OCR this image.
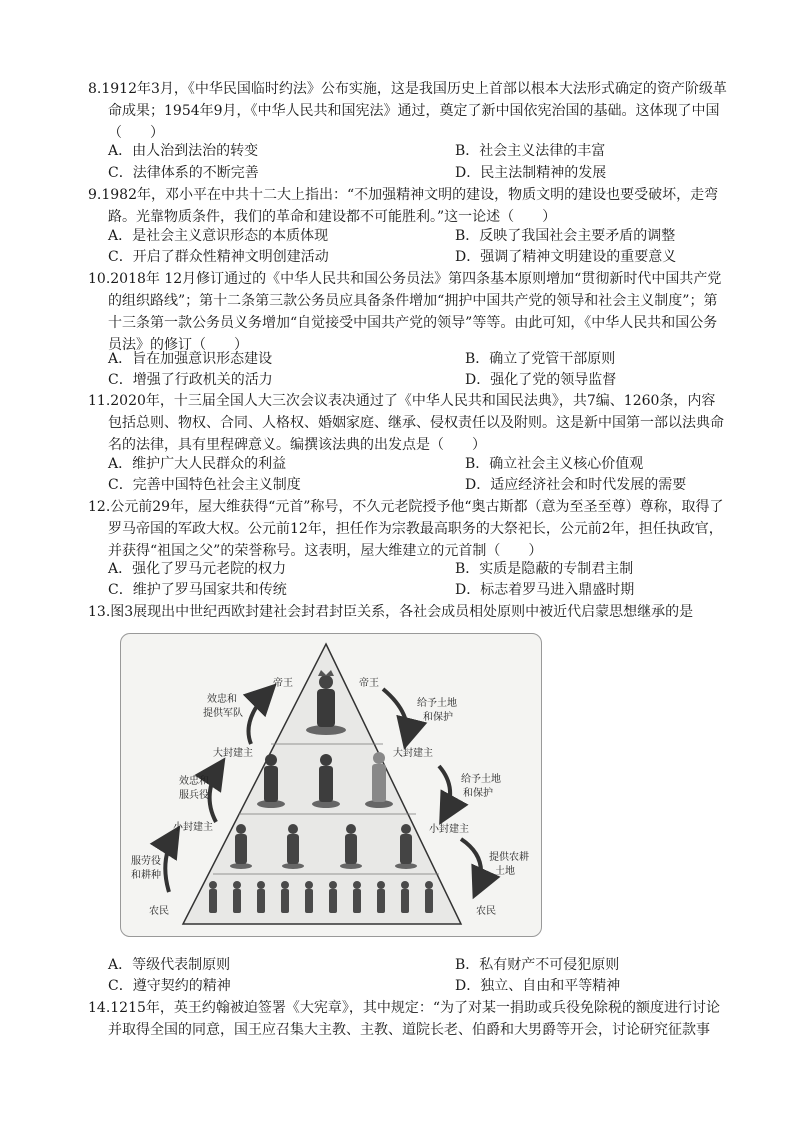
8.1912年3月，《中华民国临时约法》公布实施，这是我国历史上首部以根本大法形式确定的资产阶级革命成果；1954年9月，《中华人民共和国宪法》通过，奠定了新中国依宪治国的基础。这体现了中国（　　）
A．由人治到法治的转变	B．社会主义法律的丰富
C．法律体系的不断完善	D．民主法制精神的发展
9.1982年，邓小平在中共十二大上指出：“不加强精神文明的建设，物质文明的建设也要受破坏，走弯路。光靠物质条件，我们的革命和建设都不可能胜利。”这一论述（　　）
A．是社会主义意识形态的本质体现	B．反映了我国社会主要矛盾的调整
C．开启了群众性精神文明创建活动	D．强调了精神文明建设的重要意义
10.2018年 12月修订通过的《中华人民共和国公务员法》第四条基本原则增加“贯彻新时代中国共产党的组织路线”；第十二条第三款公务员应具备条件增加“拥护中国共产党的领导和社会主义制度”；第十三条第一款公务员义务增加“自觉接受中国共产党的领导”等等。由此可知，《中华人民共和国公务员法》的修订（　　）
A．旨在加强意识形态建设	B．确立了党管干部原则
C．增强了行政机关的活力	D．强化了党的领导监督
11.2020年，十三届全国人大三次会议表决通过了《中华人民共和国民法典》，共7编、1260条，内容包括总则、物权、合同、人格权、婚姻家庭、继承、侵权责任以及附则。这是新中国第一部以法典命名的法律，具有里程碑意义。编撰该法典的出发点是（　　）
A．维护广大人民群众的利益	B．确立社会主义核心价值观
C．完善中国特色社会主义制度	D．适应经济社会和时代发展的需要
12.公元前29年，屋大维获得“元首”称号，不久元老院授予他“奥古斯都（意为至圣至尊）尊称，取得了罗马帝国的军政大权。公元前12年，担任作为宗教最高职务的大祭祀长，公元前2年，担任执政官，并获得“祖国之父”的荣誉称号。这表明，屋大维建立的元首制（　　）
A．强化了罗马元老院的权力	B．实质是隐蔽的专制君主制
C．维护了罗马国家共和传统	D．标志着罗马进入鼎盛时期
13.图3展现出中世纪西欧封建社会封君封臣关系，各社会成员相处原则中被近代启蒙思想继承的是
帝王	帝王
大封建主	大封建主
小封建主	小封建主
农民	农民
效忠和
提供军队
效忠和
服兵役
服劳役
和耕种
给予土地
和保护
给予土地
和保护
提供农耕
土地
A．等级代表制原则	B．私有财产不可侵犯原则
C．遵守契约的精神	D．独立、自由和平等精神
14.1215年，英王约翰被迫签署《大宪章》，其中规定：“为了对某一捐助或兵役免除税的额度进行讨论并取得全国的同意，国王应召集大主教、主教、道院长老、伯爵和大男爵等开会，讨论研究征款事
